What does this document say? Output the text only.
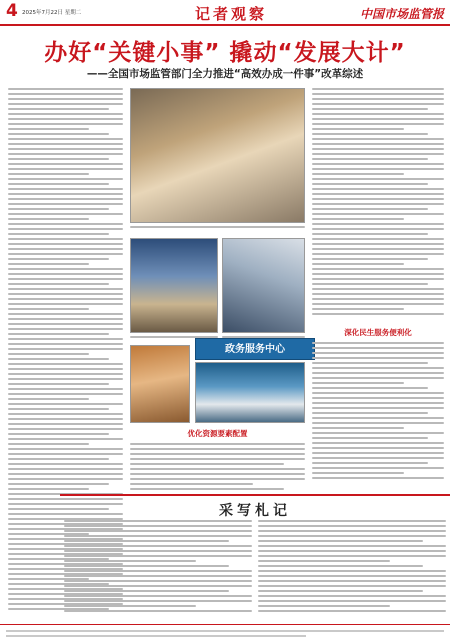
4 2025年7月22日 星期二	记者观察	中国市场监管报
办好“关键小事” 撬动“发展大计”
——全国市场监管部门全力推进“高效办成一件事”改革综述
政务服务中心
深化民生服务便利化
优化资源要素配置
采写札记
